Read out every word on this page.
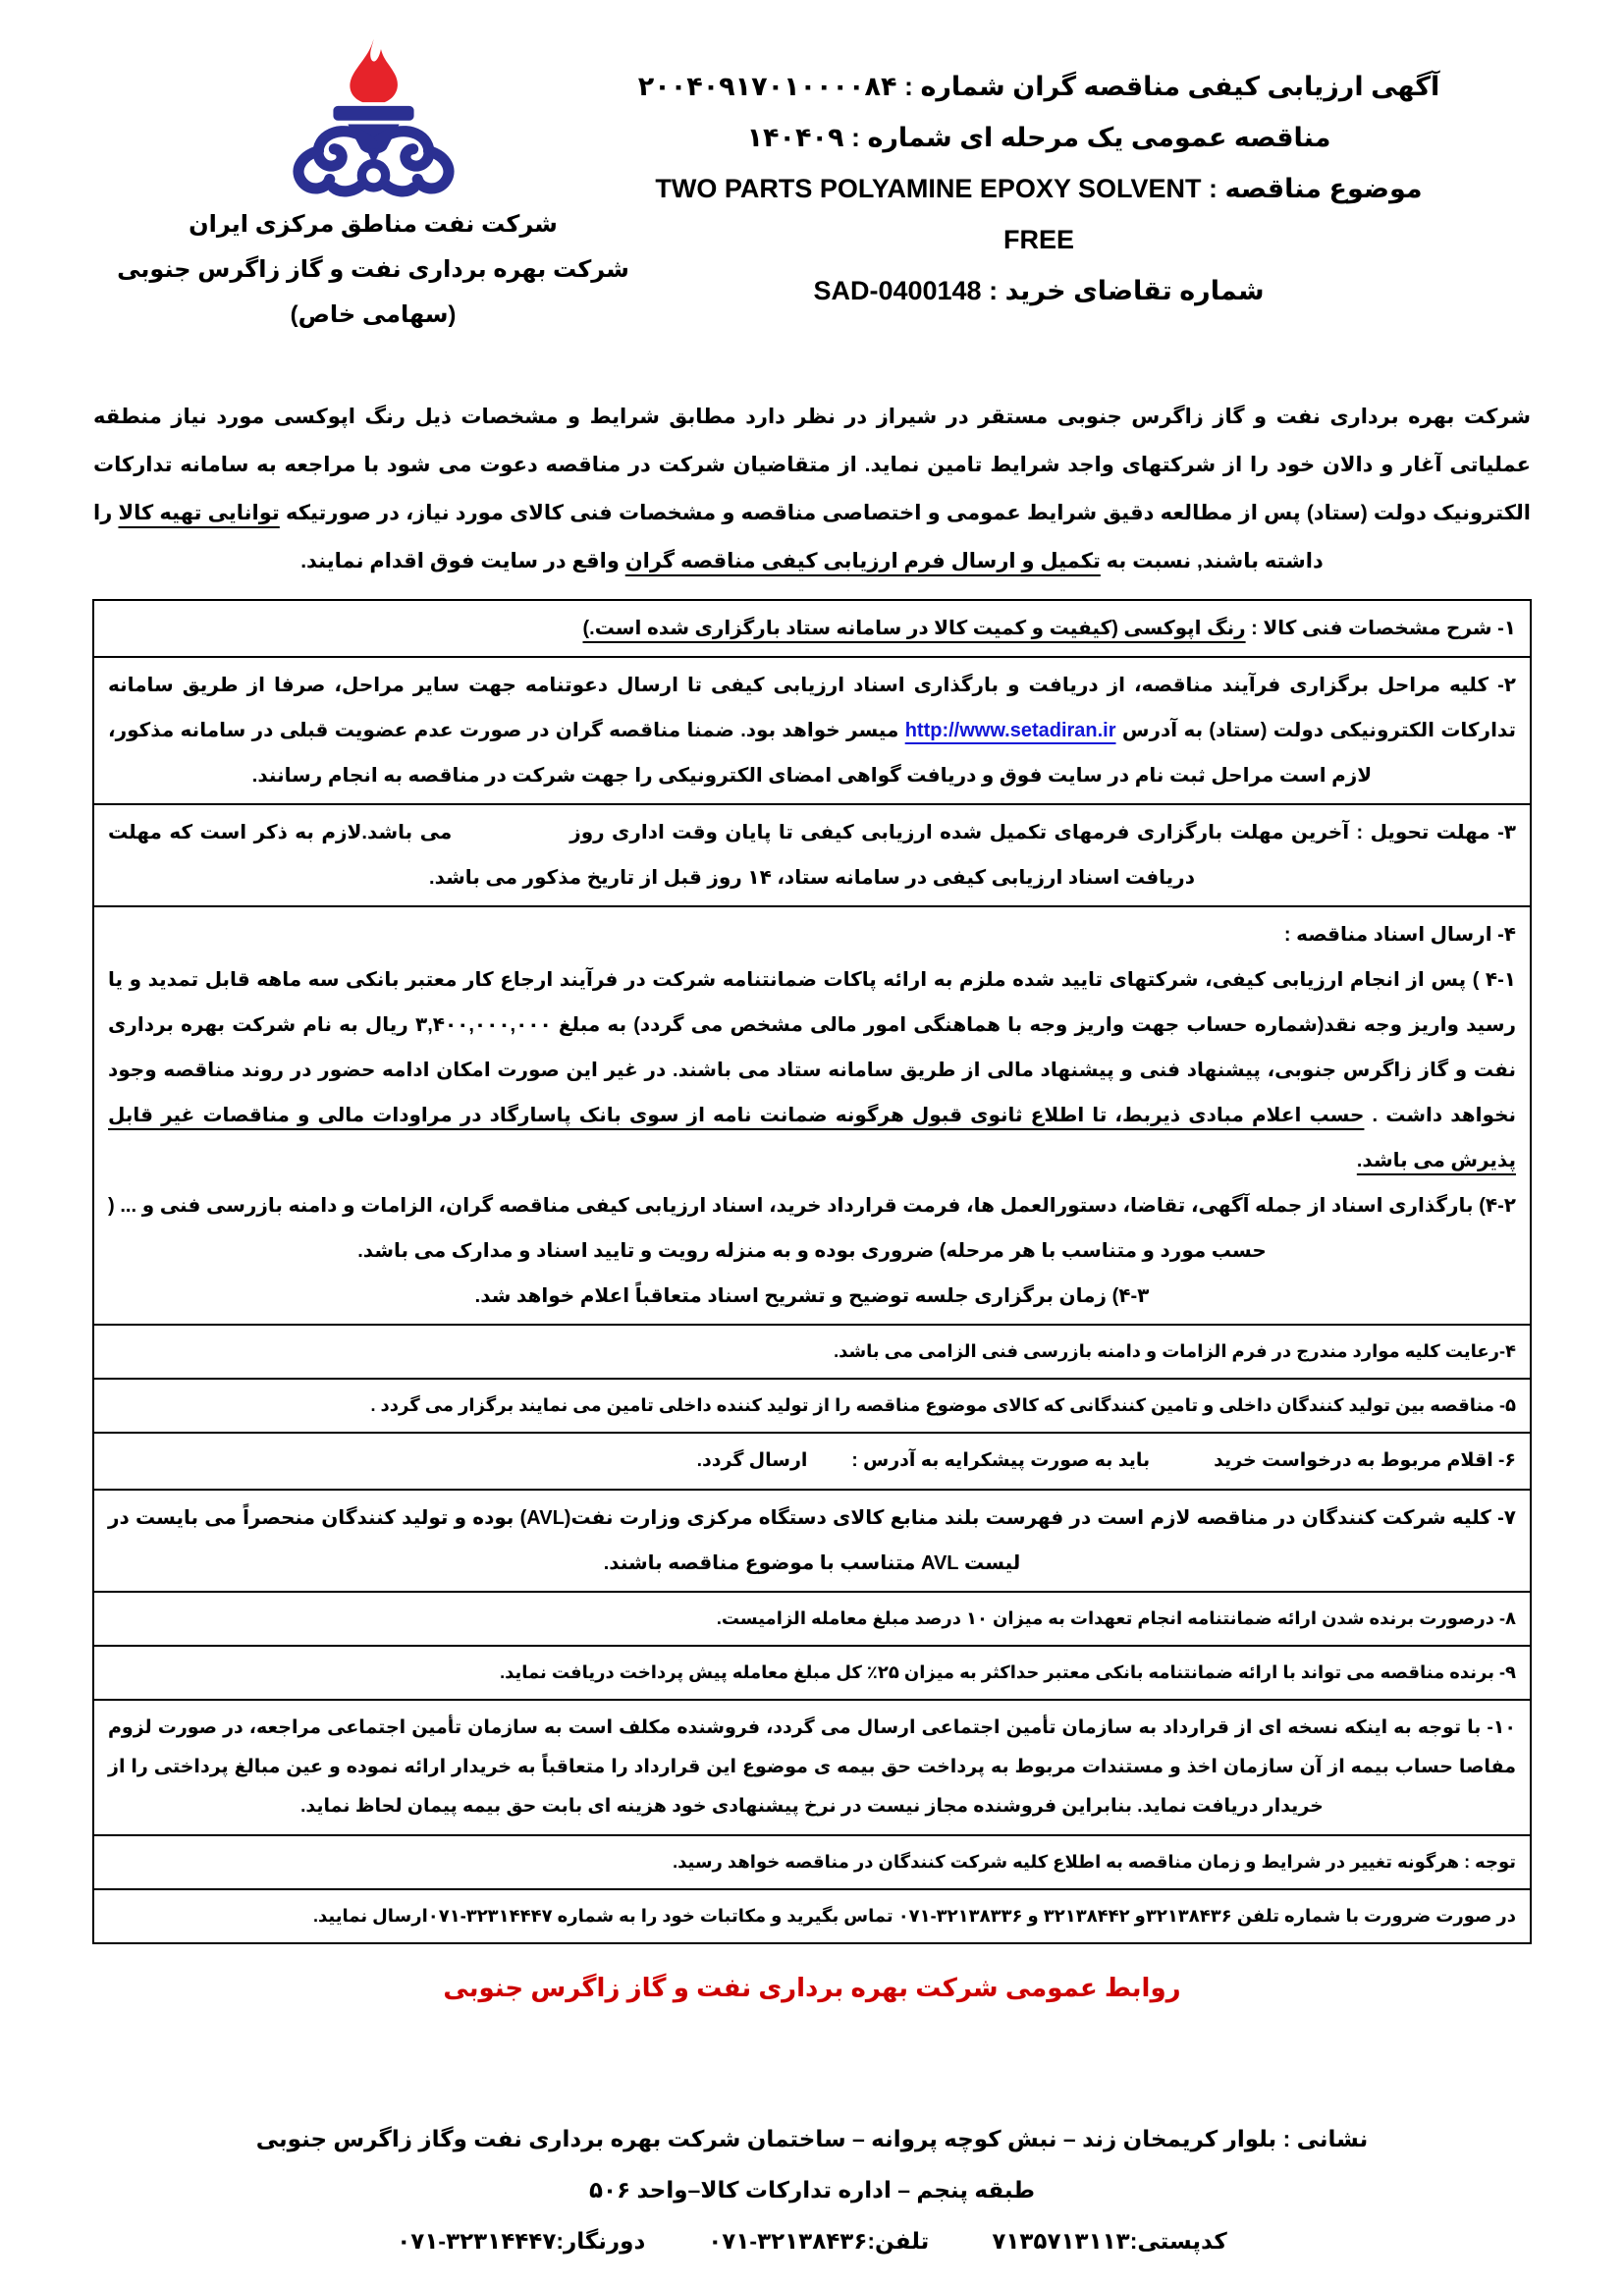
شرکت نفت مناطق مرکزی ایران
شرکت بهره برداری نفت و گاز زاگرس جنوبی
(سهامی خاص)
آگهی ارزیابی کیفی مناقصه گران شماره : ۲۰۰۴۰۹۱۷۰۱۰۰۰۰۸۴
مناقصه عمومی یک مرحله ای شماره : ۱۴۰۴۰۹
موضوع مناقصه : TWO PARTS POLYAMINE EPOXY SOLVENT
FREE
شماره تقاضای خرید : SAD-0400148

شرکت بهره برداری نفت و گاز زاگرس جنوبی مستقر در شیراز در نظر دارد مطابق شرایط و مشخصات ذیل رنگ اپوکسی مورد نیاز منطقه عملیاتی آغار و دالان خود را از شرکتهای واجد شرایط تامین نماید. از متقاضیان شرکت در مناقصه دعوت می شود با مراجعه به سامانه تدارکات الکترونیک دولت (ستاد) پس از مطالعه دقیق شرایط عمومی و اختصاصی مناقصه و مشخصات فنی کالای مورد نیاز، در صورتیکه توانایی تهیه کالا را داشته باشند, نسبت به تکمیل و ارسال فرم ارزیابی کیفی مناقصه گران واقع در سایت فوق اقدام نمایند.

۱- شرح مشخصات فنی کالا : رنگ اپوکسی (کیفیت و کمیت کالا در سامانه ستاد بارگزاری شده است.)
۲- کلیه مراحل برگزاری فرآیند مناقصه، از دریافت و بارگذاری اسناد ارزیابی کیفی تا ارسال دعوتنامه جهت سایر مراحل، صرفا از طریق سامانه تدارکات الکترونیکی دولت (ستاد) به آدرس http://www.setadiran.ir میسر خواهد بود. ضمنا مناقصه گران در صورت عدم عضویت قبلی در سامانه مذکور، لازم است مراحل ثبت نام در سایت فوق و دریافت گواهی امضای الکترونیکی را جهت شرکت در مناقصه به انجام رسانند.
۳- مهلت تحویل : آخرین مهلت بارگزاری فرمهای تکمیل شده ارزیابی کیفی تا پایان وقت اداری روزمی باشد.لازم به ذکر است که مهلت دریافت اسناد ارزیابی کیفی در سامانه ستاد، ۱۴ روز قبل از تاریخ مذکور می باشد.
۴- ارسال اسناد مناقصه :
۴-۱ ) پس از انجام ارزیابی کیفی، شرکتهای تایید شده ملزم به ارائه پاکات ضمانتنامه شرکت در فرآیند ارجاع کار معتبر بانکی سه ماهه قابل تمدید و یا رسید واریز وجه نقد(شماره حساب جهت واریز وجه با هماهنگی امور مالی مشخص می گردد) به مبلغ ۳,۴۰۰,۰۰۰,۰۰۰ ریال به نام شرکت بهره برداری نفت و گاز زاگرس جنوبی، پیشنهاد فنی و پیشنهاد مالی از طریق سامانه ستاد می باشند. در غیر این صورت امکان ادامه حضور در روند مناقصه وجود نخواهد داشت . حسب اعلام مبادی ذیربط، تا اطلاع ثانوی قبول هرگونه ضمانت نامه از سوی بانک پاسارگاد در مراودات مالی و مناقصات غیر قابل پذیرش می باشد.
۴-۲) بارگذاری اسناد از جمله آگهی، تقاضا، دستورالعمل ها، فرمت قرارداد خرید، اسناد ارزیابی کیفی مناقصه گران، الزامات و دامنه بازرسی فنی و ... ( حسب مورد و متناسب با هر مرحله) ضروری بوده و به منزله رویت و تایید اسناد و مدارک می باشد.
۴-۳) زمان برگزاری جلسه توضیح و تشریح اسناد متعاقباً اعلام خواهد شد.
۴-رعایت کلیه موارد مندرج در فرم الزامات و دامنه بازرسی فنی الزامی می باشد.
۵- مناقصه بین تولید کنندگان داخلی و تامین کنندگانی که کالای موضوع مناقصه را از تولید کننده داخلی تامین می نمایند برگزار می گردد .
۶- اقلام مربوط به درخواست خریدباید به صورت پیشکرایه به آدرس :ارسال گردد.
۷- کلیه شرکت کنندگان در مناقصه لازم است در فهرست بلند منابع کالای دستگاه مرکزی وزارت نفت(AVL) بوده و تولید کنندگان منحصراً می بایست در لیست AVL متناسب با موضوع مناقصه باشند.
۸- درصورت برنده شدن ارائه ضمانتنامه انجام تعهدات به میزان ۱۰ درصد مبلغ معامله الزامیست.
۹- برنده مناقصه می تواند با ارائه ضمانتنامه بانکی معتبر حداکثر به میزان ۲۵٪ کل مبلغ معامله پیش پرداخت دریافت نماید.
۱۰- با توجه به اینکه نسخه ای از قرارداد به سازمان تأمین اجتماعی ارسال می گردد، فروشنده مکلف است به سازمان تأمین اجتماعی مراجعه، در صورت لزوم مفاصا حساب بیمه از آن سازمان اخذ و مستندات مربوط به پرداخت حق بیمه ی موضوع این قرارداد را متعاقباً به خریدار ارائه نموده و عین مبالغ پرداختی را از خریدار دریافت نماید. بنابراین فروشنده مجاز نیست در نرخ پیشنهادی خود هزینه ای بابت حق بیمه پیمان لحاظ نماید.
توجه : هرگونه تغییر در شرایط و زمان مناقصه به اطلاع کلیه شرکت کنندگان در مناقصه خواهد رسید.
در صورت ضرورت با شماره تلفن ۳۲۱۳۸۴۳۶و ۳۲۱۳۸۴۴۲ و ۳۲۱۳۸۳۳۶-۰۷۱ تماس بگیرید و مکاتبات خود را به شماره ۳۲۳۱۴۴۴۷-۰۷۱ارسال نمایید.
روابط عمومی شرکت بهره برداری نفت و گاز زاگرس جنوبی
نشانی : بلوار کریمخان زند – نبش کوچه پروانه – ساختمان شرکت بهره برداری نفت وگاز زاگرس جنوبی
طبقه پنجم – اداره تدارکات کالا–واحد ۵۰۶
کدپستی:۷۱۳۵۷۱۳۱۱۳تلفن:۳۲۱۳۸۴۳۶-۰۷۱دورنگار:۳۲۳۱۴۴۴۷-۰۷۱
